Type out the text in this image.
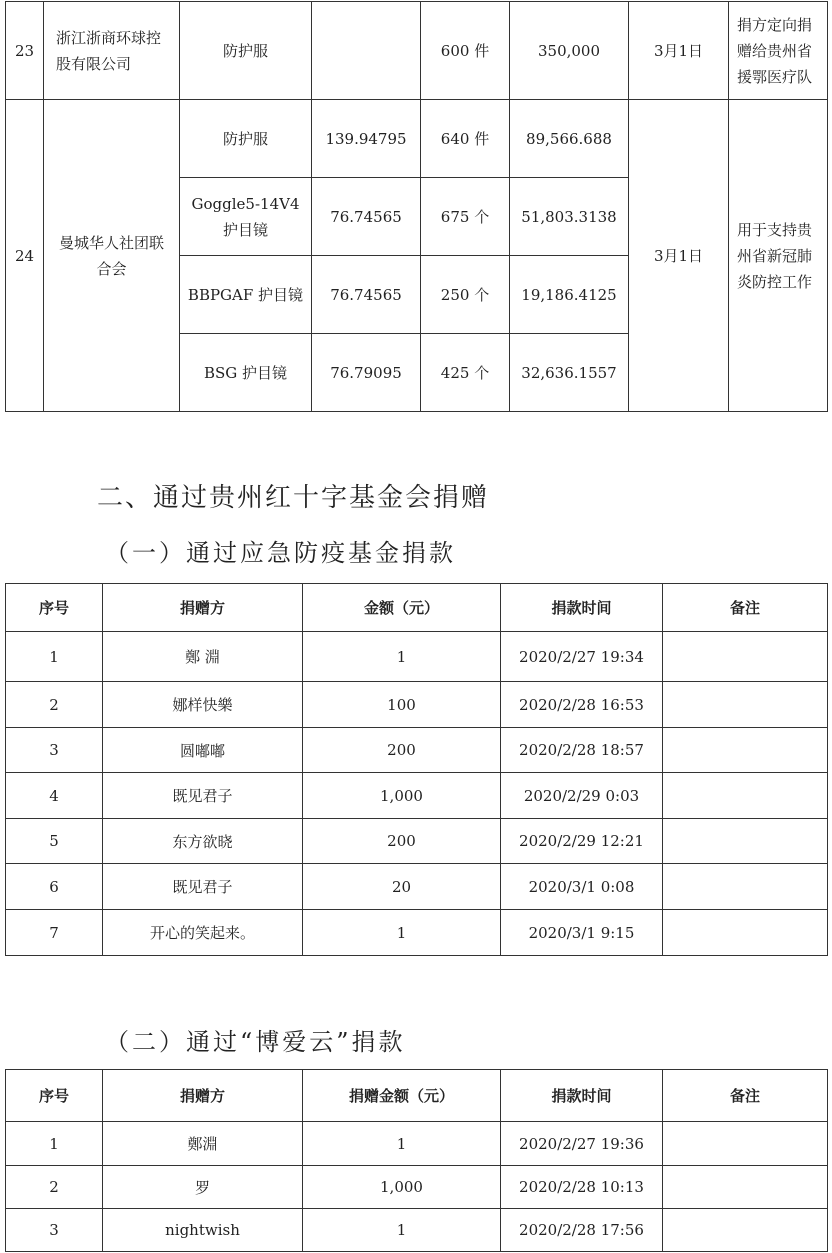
23	浙江浙商环球控股有限公司	防护服		600 件	350,000	3月1日	捐方定向捐赠给贵州省援鄂医疗队
24	曼城华人社团联合会	防护服	139.94795	640 件	89,566.688	3月1日	用于支持贵州省新冠肺炎防控工作
		Goggle5-14V4护目镜	76.74565	675 个	51,803.3138		
		BBPGAF 护目镜	76.74565	250 个	19,186.4125		
		BSG 护目镜	76.79095	425 个	32,636.1557		
二、通过贵州红十字基金会捐赠
（一）通过应急防疫基金捐款
序号	捐赠方	金额（元）	捐款时间	备注
1	鄭 淵	1	2020/2/27 19:34	
2	娜样快樂	100	2020/2/28 16:53	
3	圆嘟嘟	200	2020/2/28 18:57	
4	既见君子	1,000	2020/2/29 0:03	
5	东方欲晓	200	2020/2/29 12:21	
6	既见君子	20	2020/3/1 0:08	
7	开心的笑起来。	1	2020/3/1 9:15	
（二）通过“博爱云”捐款
序号	捐赠方	捐赠金额（元）	捐款时间	备注
1	鄭淵	1	2020/2/27 19:36	
2	罗	1,000	2020/2/28 10:13	
3	nightwish	1	2020/2/28 17:56	
